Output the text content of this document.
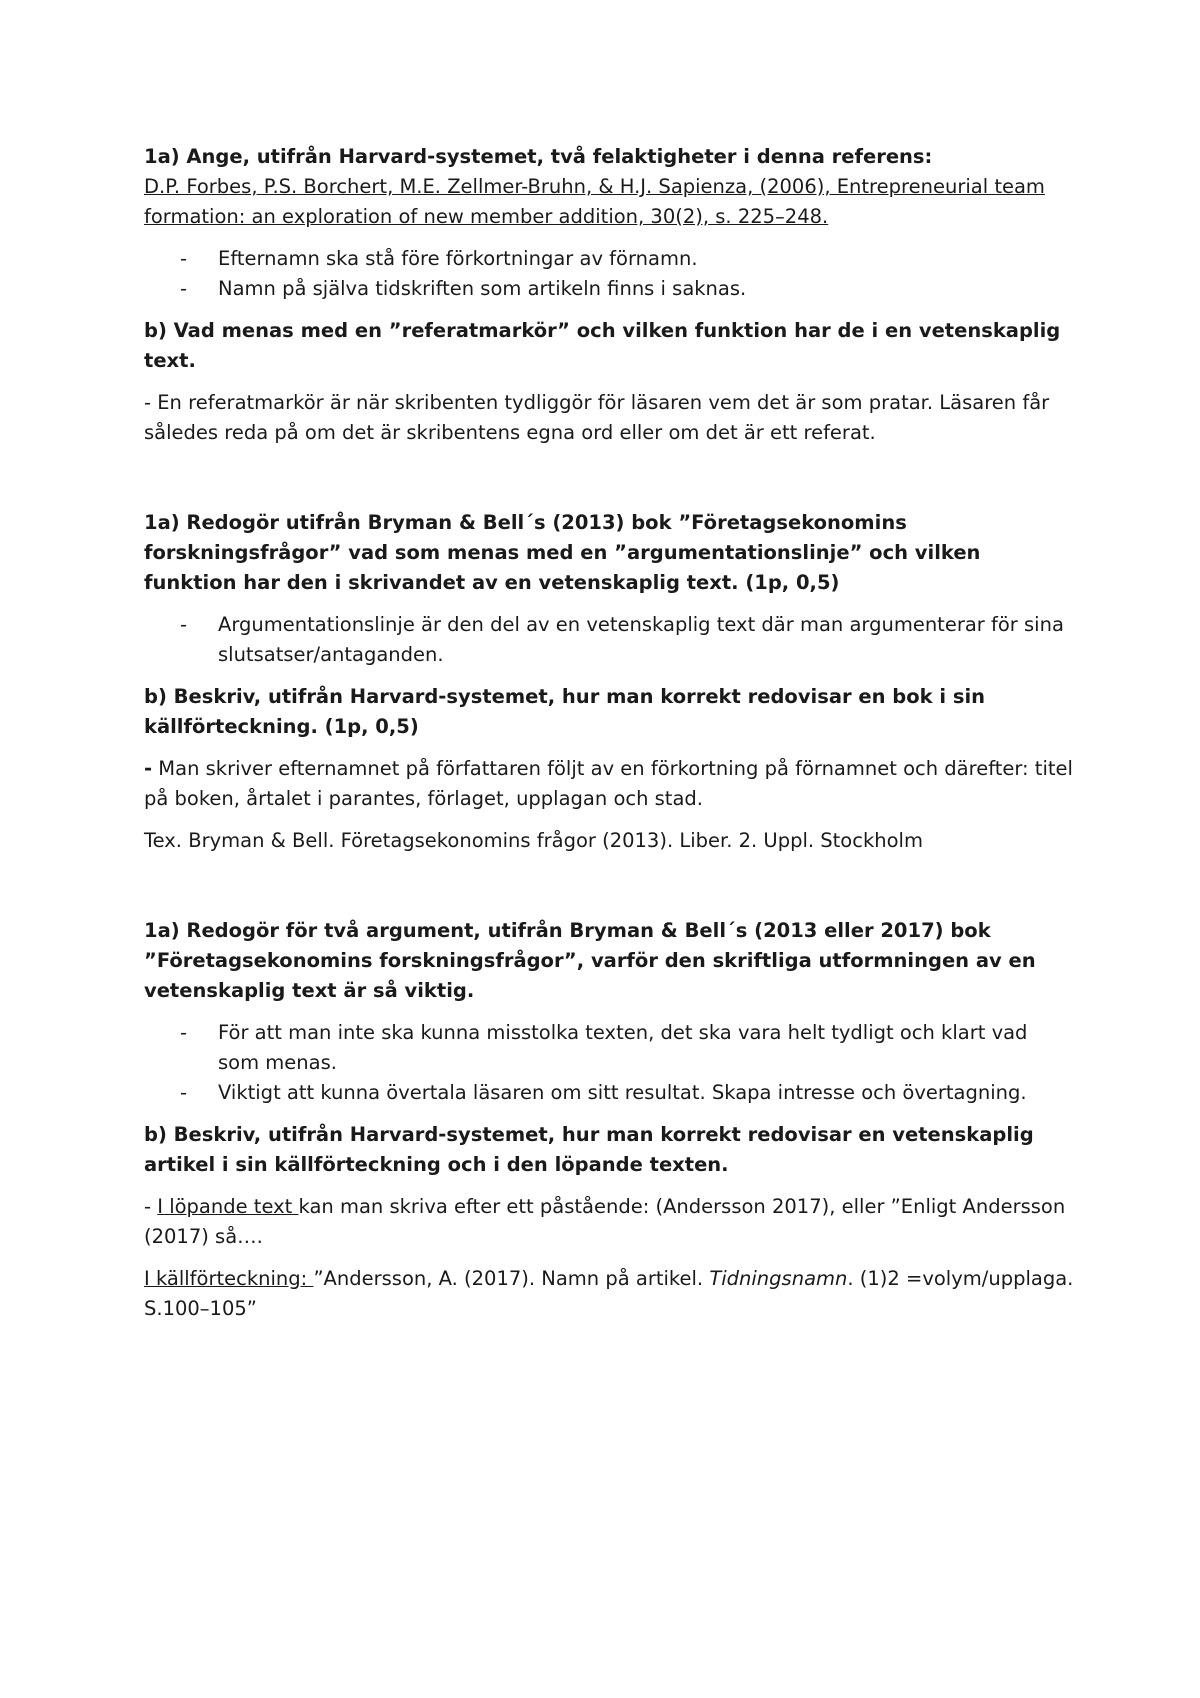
1a) Ange, utifrån Harvard-systemet, två felaktigheter i denna referens:

D.P. Forbes, P.S. Borchert, M.E. Zellmer-Bruhn, & H.J. Sapienza, (2006), Entrepreneurial team formation: an exploration of new member addition, 30(2), s. 225–248.

- Efternamn ska stå före förkortningar av förnamn.
- Namn på själva tidskriften som artikeln finns i saknas.

b) Vad menas med en ”referatmarkör” och vilken funktion har de i en vetenskaplig text.

- En referatmarkör är när skribenten tydliggör för läsaren vem det är som pratar. Läsaren får således reda på om det är skribentens egna ord eller om det är ett referat.

1a) Redogör utifrån Bryman & Bell´s (2013) bok ”Företagsekonomins forskningsfrågor” vad som menas med en ”argumentationslinje” och vilken funktion har den i skrivandet av en vetenskaplig text. (1p, 0,5)

- Argumentationslinje är den del av en vetenskaplig text där man argumenterar för sina slutsatser/antaganden.

b) Beskriv, utifrån Harvard-systemet, hur man korrekt redovisar en bok i sin källförteckning. (1p, 0,5)

- Man skriver efternamnet på författaren följt av en förkortning på förnamnet och därefter: titel på boken, årtalet i parantes, förlaget, upplagan och stad.

Tex. Bryman & Bell. Företagsekonomins frågor (2013). Liber. 2. Uppl. Stockholm

1a) Redogör för två argument, utifrån Bryman & Bell´s (2013 eller 2017) bok ”Företagsekonomins forskningsfrågor”, varför den skriftliga utformningen av en vetenskaplig text är så viktig.

- För att man inte ska kunna misstolka texten, det ska vara helt tydligt och klart vad som menas.
- Viktigt att kunna övertala läsaren om sitt resultat. Skapa intresse och övertagning.

b) Beskriv, utifrån Harvard-systemet, hur man korrekt redovisar en vetenskaplig artikel i sin källförteckning och i den löpande texten.

- I löpande text kan man skriva efter ett påstående: (Andersson 2017), eller ”Enligt Andersson (2017) så….

I källförteckning: ”Andersson, A. (2017). Namn på artikel. Tidningsnamn. (1)2 =volym/upplaga. S.100–105”
